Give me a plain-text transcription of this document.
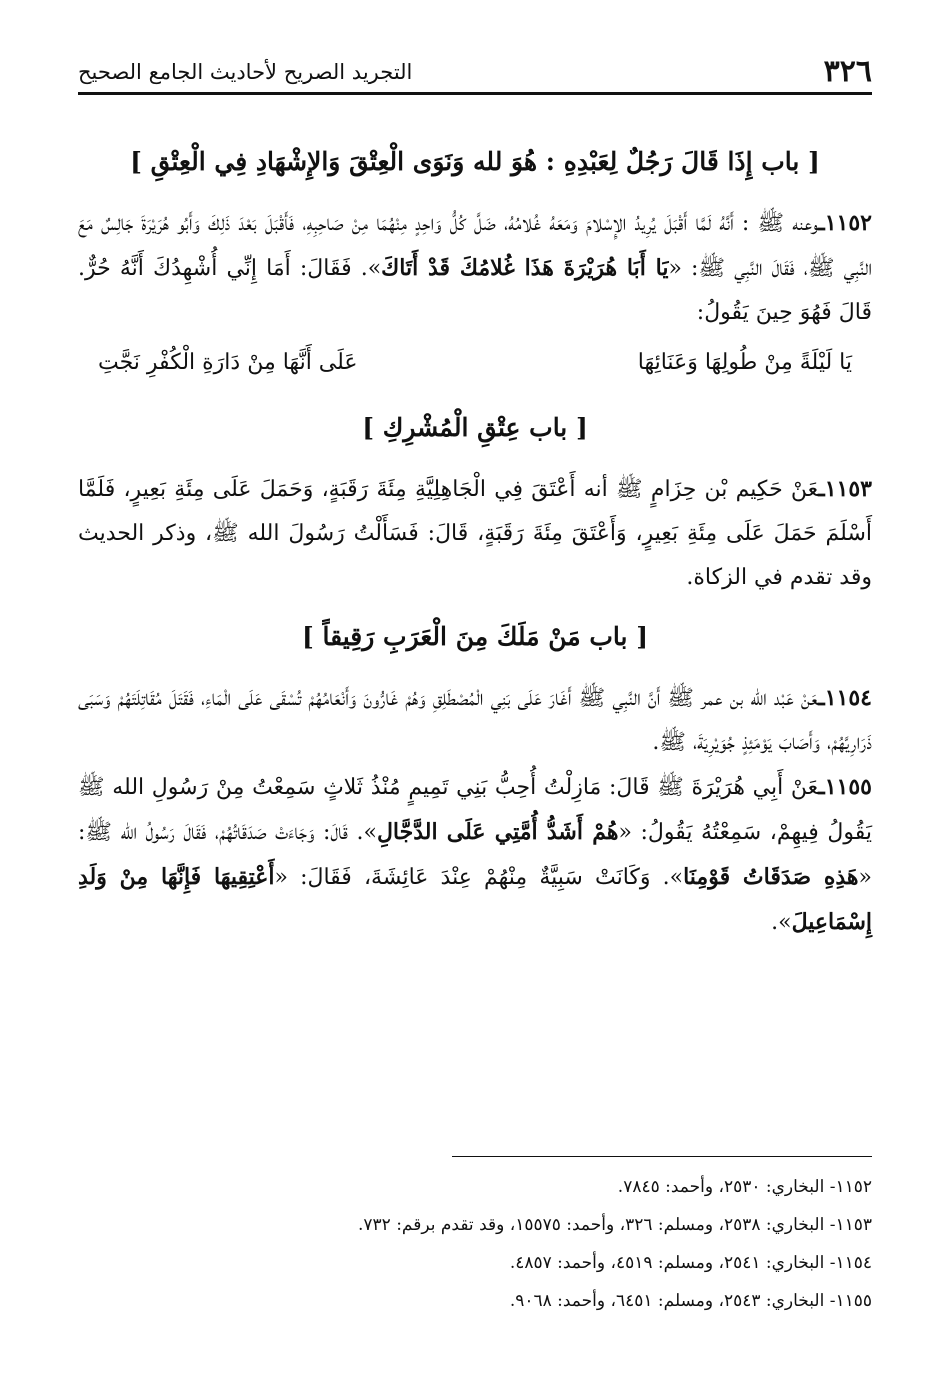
٣٢٦
التجريد الصريح لأحاديث الجامع الصحيح
[ باب إِذَا قَالَ رَجُلٌ لِعَبْدِهِ : هُوَ لله وَنَوَى الْعِتْقَ وَالإِشْهَادِ فِي الْعِتْقِ ]

١١٥٢ـوعنه ﷺ : أَنَّهُ لَمَّا أَقْبَلَ يُرِيدُ الإِسْلامَ وَمَعَهُ غُلامُهُ، ضَلَّ كُلُّ وَاحِدٍ مِنْهُمَا مِنْ صَاحِبِهِ، فَأَقْبَلَ بَعْدَ ذَلِكَ وَأَبُو هُرَيْرَةَ جَالِسٌ مَعَ النَّبِي ﷺ، فَقَالَ النَّبِي ﷺ: «يَا أَبَا هُرَيْرَةَ هَذَا غُلامُكَ قَدْ أَتَاكَ». فَقَالَ: أَمَا إِنِّي أُشْهِدُكَ أَنَّهُ حُرٌّ. قَالَ فَهُوَ حِينَ يَقُولُ:

يَا لَيْلَةً مِنْ طُولِهَا وَعَنَائِهَا
عَلَى أَنَّهَا مِنْ دَارَةِ الْكُفْرِ نَجَّتِ
[ باب عِتْقِ الْمُشْرِكِ ]

١١٥٣ـعَنْ حَكِيم بْن حِزَامٍ ﷺ أنه أَعْتَقَ فِي الْجَاهِلِيَّةِ مِئَةَ رَقَبَةٍ، وَحَمَلَ عَلَى مِئَةِ بَعِيرٍ، فَلَمَّا أَسْلَمَ حَمَلَ عَلَى مِئَةِ بَعِيرٍ، وَأَعْتَقَ مِئَةَ رَقَبَةٍ، قَالَ: فَسَأَلْتُ رَسُولَ الله ﷺ، وذكر الحديث وقد تقدم في الزكاة.

[ باب مَنْ مَلَكَ مِنَ الْعَرَبِ رَقِيقاً ]

١١٥٤ـعَنْ عَبْد الله بن عمر ﷺ أَنَّ النَّبِي ﷺ أَغَارَ عَلَى بَنِي الْمُصْطَلِقِ وَهُمْ غَارُّونَ وَأَنْعَامُهُمْ تُسْقَى عَلَى الْمَاءِ، فَقَتَلَ مُقَاتِلَتَهُمْ وَسَبَى ذَرَارِيَّهُمْ، وَأَصَابَ يَوْمَئِذٍ جُوَيْرِيَةَ، ﷺ.

١١٥٥ـعَنْ أَبِي هُرَيْرَةَ ﷺ قَالَ: مَازِلْتُ أُحِبُّ بَنِي تَمِيمٍ مُنْذُ ثَلاثٍ سَمِعْتُ مِنْ رَسُولِ الله ﷺ يَقُولُ فِيهِمْ، سَمِعْتُهُ يَقُولُ: «هُمْ أَشَدُّ أُمَّتِي عَلَى الدَّجَّالِ». قَالَ: وَجَاءَتْ صَدَقَاتُهُمْ، فَقَالَ رَسُولُ الله ﷺ: «هَذِهِ صَدَقَاتُ قَوْمِنَا». وَكَانَتْ سَبِيَّةٌ مِنْهُمْ عِنْدَ عَائِشَةَ، فَقَالَ: «أَعْتِقِيهَا فَإِنَّهَا مِنْ وَلَدِ إِسْمَاعِيلَ».

١١٥٢- البخاري: ٢٥٣٠، وأحمد: ٧٨٤٥.
١١٥٣- البخاري: ٢٥٣٨، ومسلم: ٣٢٦، وأحمد: ١٥٥٧٥، وقد تقدم برقم: ٧٣٢.
١١٥٤- البخاري: ٢٥٤١، ومسلم: ٤٥١٩، وأحمد: ٤٨٥٧.
١١٥٥- البخاري: ٢٥٤٣، ومسلم: ٦٤٥١، وأحمد: ٩٠٦٨.
